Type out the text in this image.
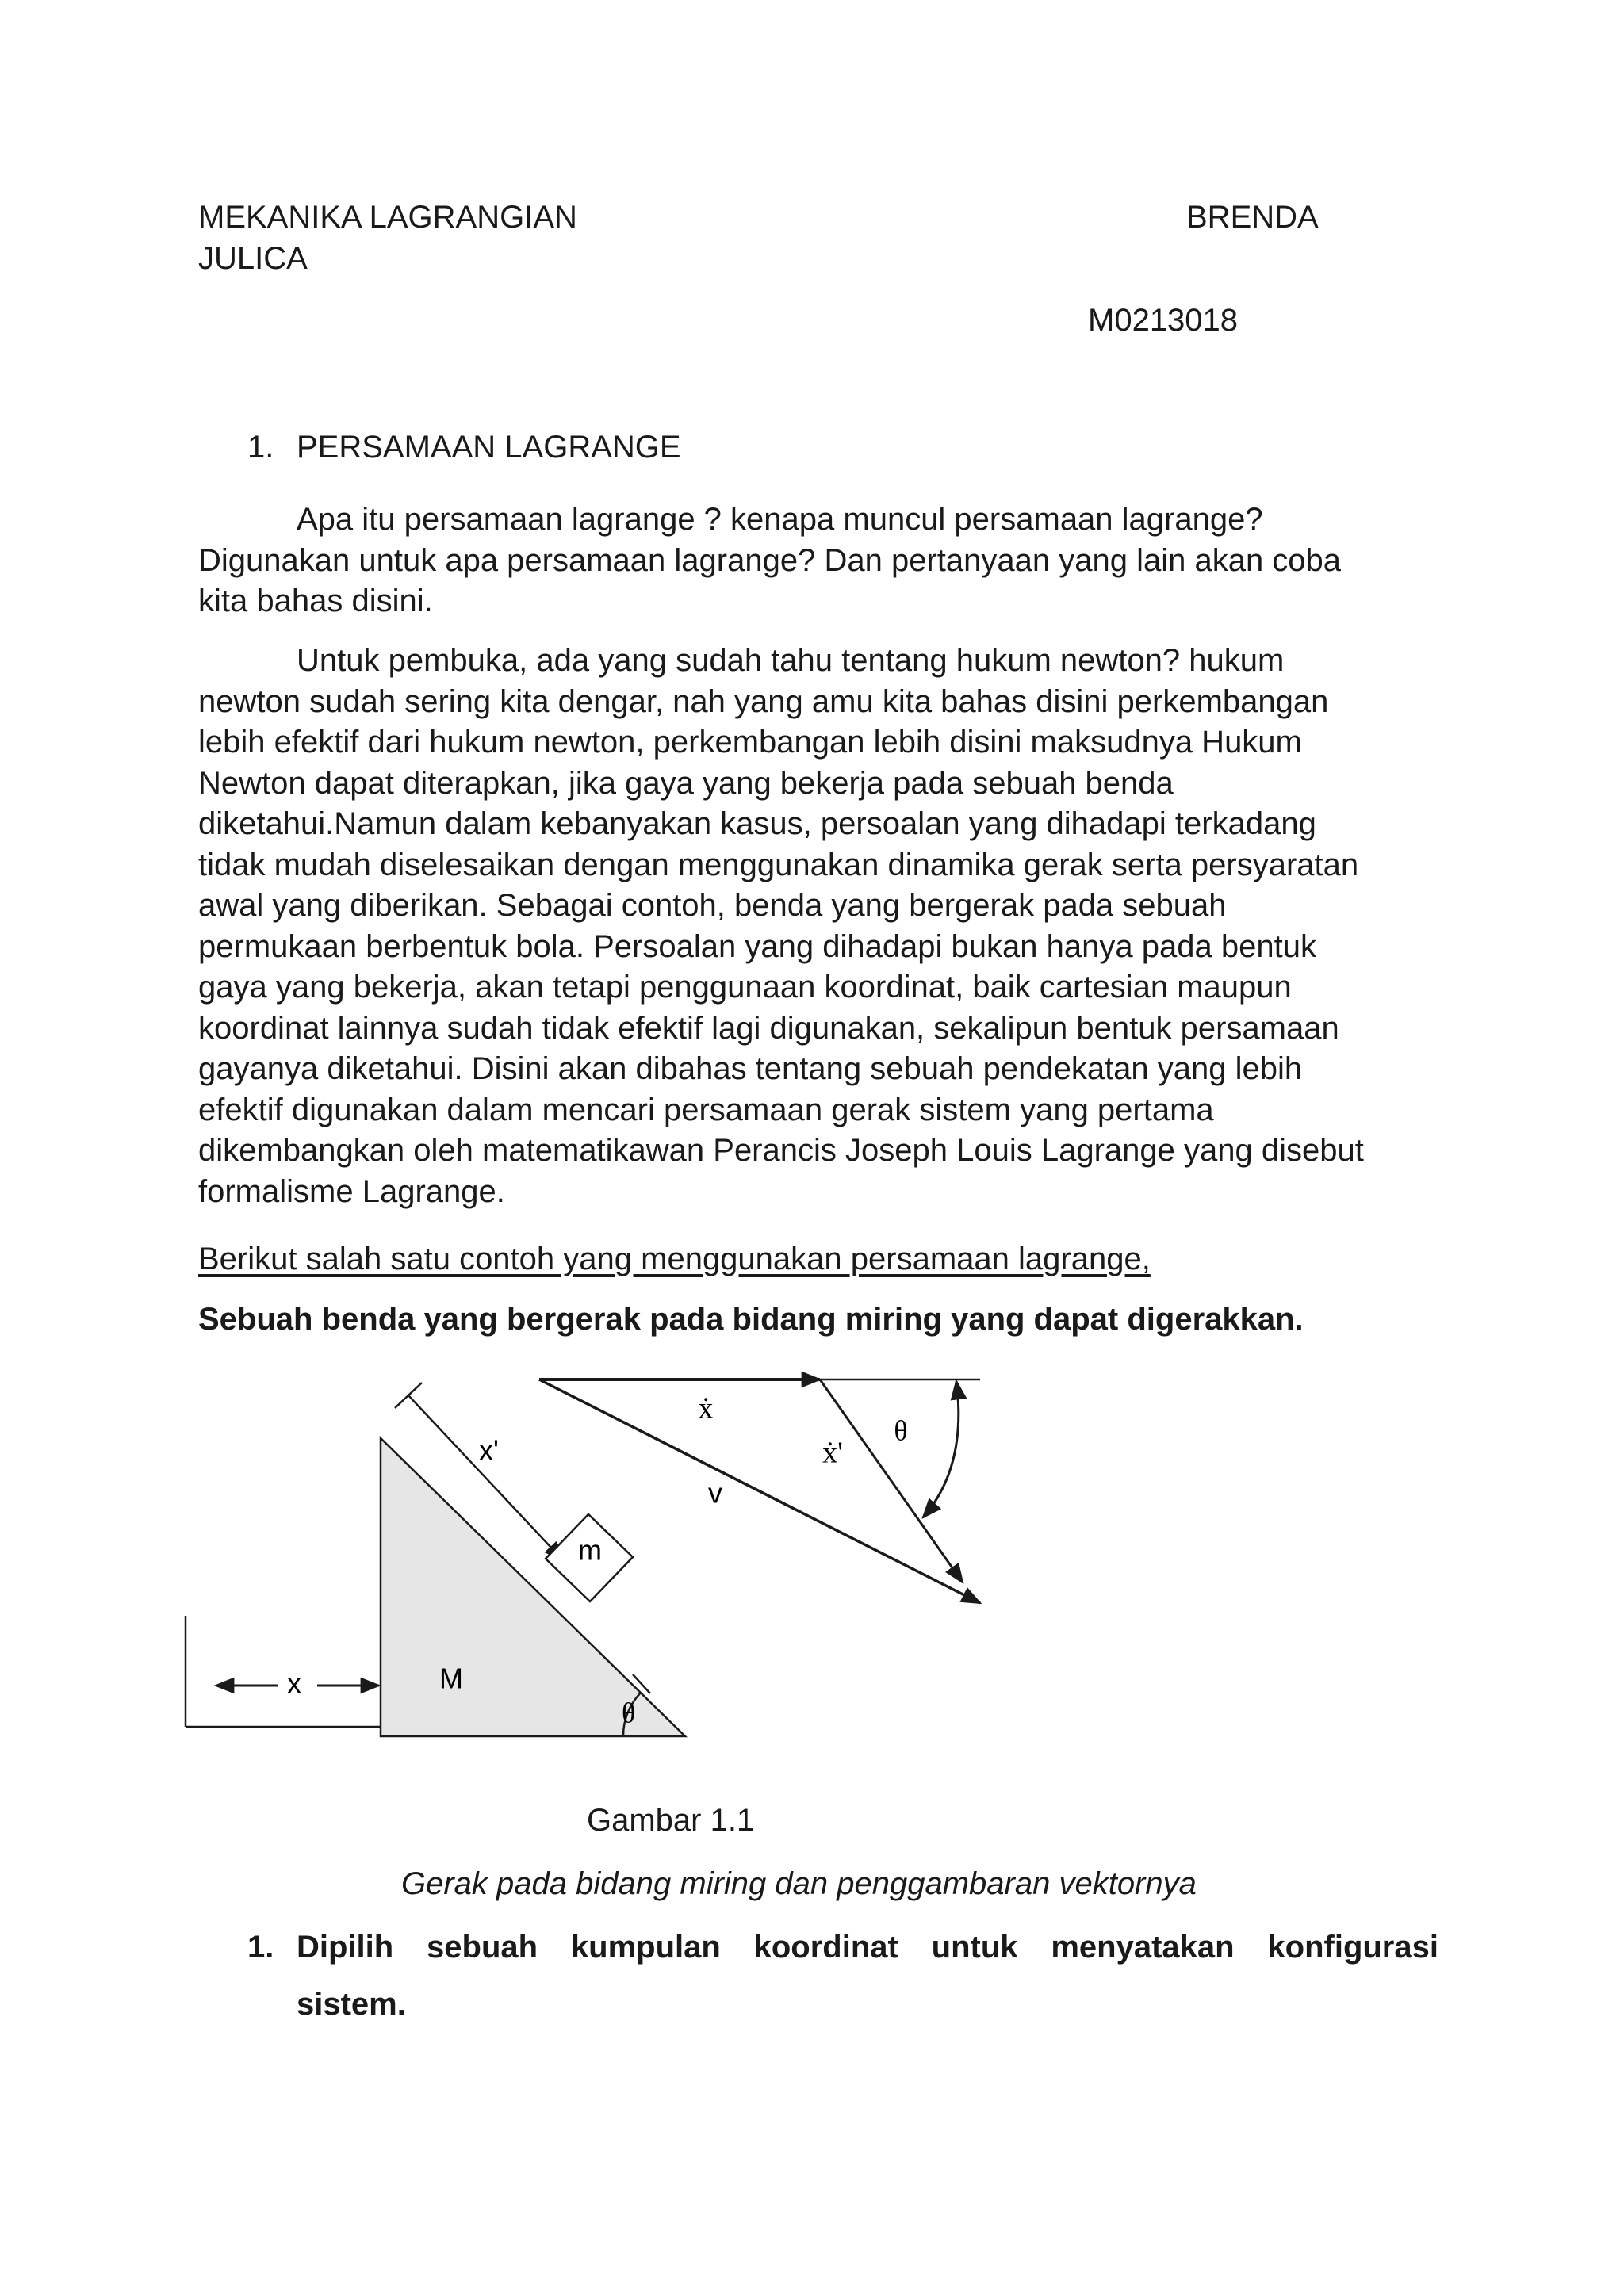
MEKANIKA LAGRANGIAN	BRENDA
JULICA
M0213018
1. PERSAMAAN LAGRANGE
Apa itu persamaan lagrange ? kenapa muncul persamaan lagrange?
Digunakan untuk apa persamaan lagrange? Dan pertanyaan yang lain akan coba
kita bahas disini.
Untuk pembuka, ada yang sudah tahu tentang hukum newton? hukum
newton sudah sering kita dengar, nah yang amu kita bahas disini perkembangan
lebih efektif dari hukum newton, perkembangan lebih disini maksudnya Hukum
Newton dapat diterapkan, jika gaya yang bekerja pada sebuah benda
diketahui.Namun dalam kebanyakan kasus, persoalan yang dihadapi terkadang
tidak mudah diselesaikan dengan menggunakan dinamika gerak serta persyaratan
awal yang diberikan. Sebagai contoh, benda yang bergerak pada sebuah
permukaan berbentuk bola. Persoalan yang dihadapi bukan hanya pada bentuk
gaya yang bekerja, akan tetapi penggunaan koordinat, baik cartesian maupun
koordinat lainnya sudah tidak efektif lagi digunakan, sekalipun bentuk persamaan
gayanya diketahui. Disini akan dibahas tentang sebuah pendekatan yang lebih
efektif digunakan dalam mencari persamaan gerak sistem yang pertama
dikembangkan oleh matematikawan Perancis Joseph Louis Lagrange yang disebut
formalisme Lagrange.
Berikut salah satu contoh yang menggunakan persamaan lagrange,
Sebuah benda yang bergerak pada bidang miring yang dapat digerakkan.
x	M
θ
x'
m
ẋ
ẋ'
v
θ
Gambar 1.1
Gerak pada bidang miring dan penggambaran vektornya
1. Dipilih sebuah kumpulan koordinat untuk menyatakan konfigurasi
sistem.
